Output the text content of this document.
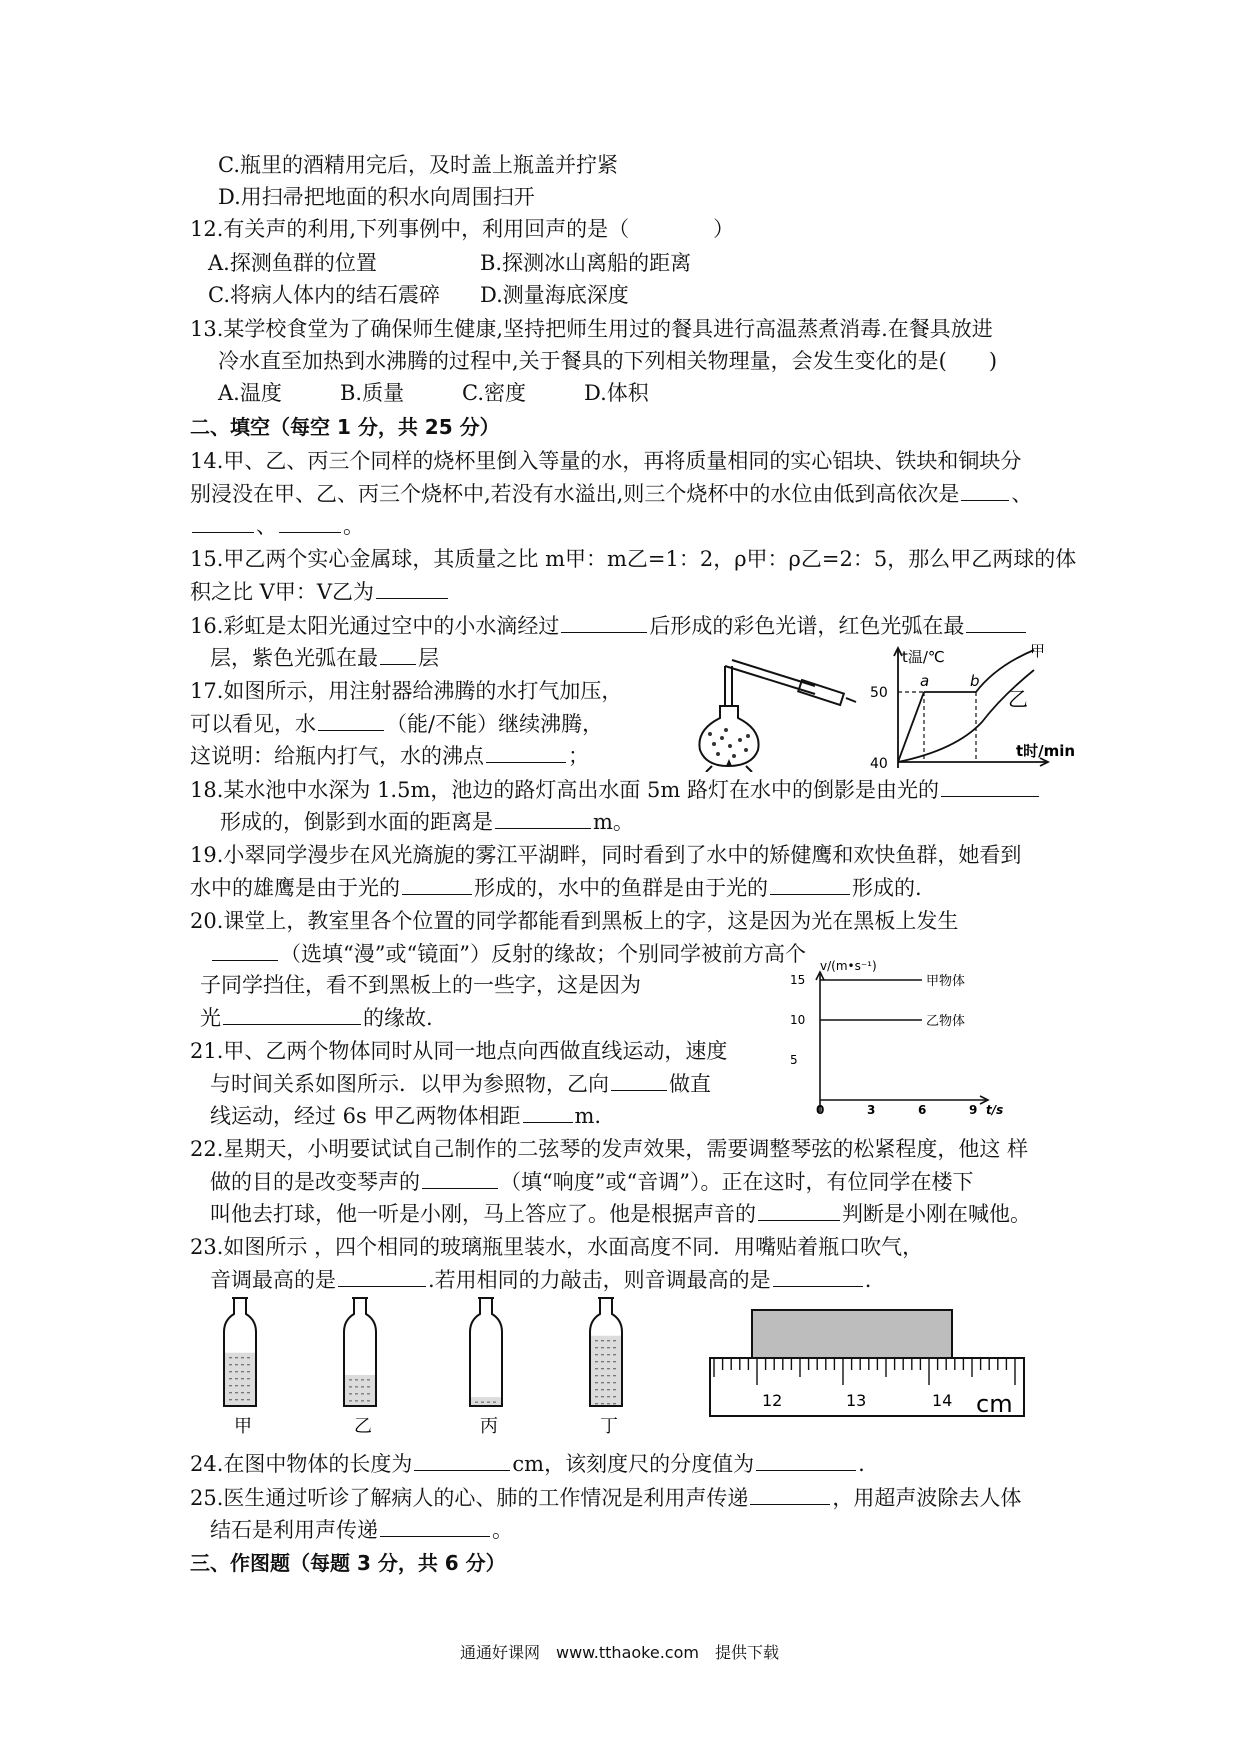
C.瓶里的酒精用完后，及时盖上瓶盖并拧紧
D.用扫帚把地面的积水向周围扫开
12.有关声的利用,下列事例中，利用回声的是（	）
A.探测鱼群的位置	B.探测冰山离船的距离
C.将病人体内的结石震碎 D.测量海底深度
13.某学校食堂为了确保师生健康,坚持把师生用过的餐具进行高温蒸煮消毒.在餐具放进
冷水直至加热到水沸腾的过程中,关于餐具的下列相关物理量，会发生变化的是(　　)
A.温度	B.质量	C.密度	D.体积
二、填空（每空 1 分，共 25 分）
14.甲、乙、丙三个同样的烧杯里倒入等量的水，再将质量相同的实心铝块、铁块和铜块分
别浸没在甲、乙、丙三个烧杯中,若没有水溢出,则三个烧杯中的水位由低到高依次是 、
、	。
15.甲乙两个实心金属球，其质量之比 m甲：m乙=1：2，ρ甲：ρ乙=2：5，那么甲乙两球的体
积之比 V甲：V乙为
16.彩虹是太阳光通过空中的小水滴经过	后形成的彩色光谱，红色光弧在最
层，紫色光弧在最 层
17.如图所示，用注射器给沸腾的水打气加压，
可以看见，水	（能/不能）继续沸腾，
这说明：给瓶内打气，水的沸点	；
t温/℃
t时/min
50
40
a	b
甲
乙
18.某水池中水深为 1.5m，池边的路灯高出水面 5m 路灯在水中的倒影是由光的
形成的，倒影到水面的距离是	m。
19.小翠同学漫步在风光旖旎的雾江平湖畔，同时看到了水中的矫健鹰和欢快鱼群，她看到
水中的雄鹰是由于光的	形成的，水中的鱼群是由于光的	形成的.
20.课堂上，教室里各个位置的同学都能看到黑板上的字，这是因为光在黑板上发生
（选填“漫”或“镜面”）反射的缘故；个别同学被前方高个
子同学挡住，看不到黑板上的一些字，这是因为
光	的缘故.
15
10
5
0	3	6	9
甲物体
乙物体
v/(m•s⁻¹)
t/s
21.甲、乙两个物体同时从同一地点向西做直线运动，速度
与时间关系如图所示．以甲为参照物，乙向	做直
线运动，经过 6s 甲乙两物体相距	m.
22.星期天，小明要试试自己制作的二弦琴的发声效果，需要调整琴弦的松紧程度，他这 样
做的目的是改变琴声的	（填“响度”或“音调”）。正在这时，有位同学在楼下
叫他去打球，他一听是小刚，马上答应了。他是根据声音的	判断是小刚在喊他。
23.如图所示 ，四个相同的玻璃瓶里装水，水面高度不同．用嘴贴着瓶口吹气，
音调最高的是	.若用相同的力敲击，则音调最高的是	.
甲	乙	丙	丁
12	13	14 cm
24.在图中物体的长度为	cm，该刻度尺的分度值为	.
25.医生通过听诊了解病人的心、肺的工作情况是利用声传递	，用超声波除去人体
结石是利用声传递	。
三、作图题（每题 3 分，共 6 分）
通通好课网　www.tthaoke.com　提供下载
